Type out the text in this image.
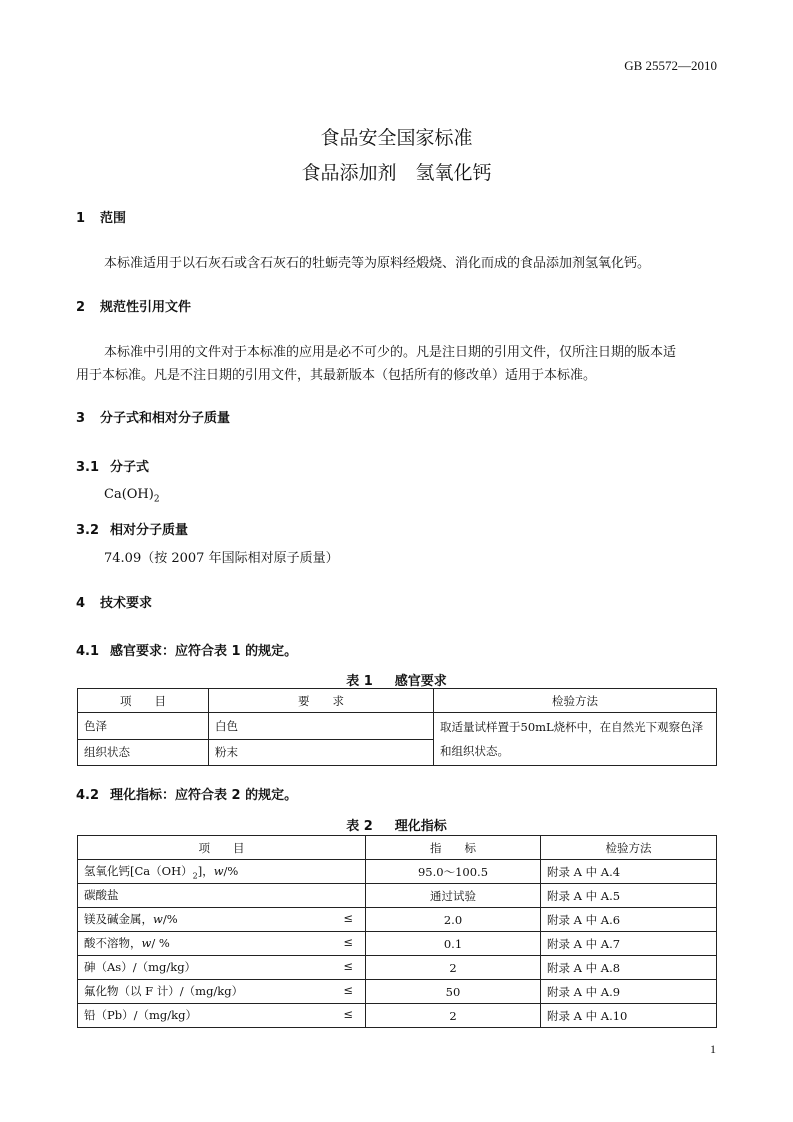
GB 25572—2010
食品安全国家标准
食品添加剂　氢氧化钙
1 范围
本标准适用于以石灰石或含石灰石的牡蛎壳等为原料经煅烧、消化而成的食品添加剂氢氧化钙。
2 规范性引用文件
本标准中引用的文件对于本标准的应用是必不可少的。凡是注日期的引用文件，仅所注日期的版本适
用于本标准。凡是不注日期的引用文件，其最新版本（包括所有的修改单）适用于本标准。
3 分子式和相对分子质量
3.1 分子式
$Ca(OH)_2$
3.2 相对分子质量
74.09（按 2007 年国际相对原子质量）
4 技术要求
4.1 感官要求：应符合表 1 的规定。
表 1 感官要求
项　　目	要　　求	检验方法
色泽	白色	取适量试样置于50mL烧杯中，在自然光下观察色泽
和组织状态。

组织状态	粉末	
4.2 理化指标：应符合表 2 的规定。
表 2 理化指标
项　　目	指　　标	检验方法
氢氧化钙$[Ca(OH)_2]$，w/%	95.0～100.5	附录 A 中 A.4
碳酸盐	通过试验	附录 A 中 A.5
镁及碱金属，w/% ≤	2.0	附录 A 中 A.6
酸不溶物，w/ % ≤	0.1	附录 A 中 A.7
砷（As）/（mg/kg） ≤	2	附录 A 中 A.8
氟化物（以 F 计）/（mg/kg） ≤	50	附录 A 中 A.9
铅（Pb）/（mg/kg） ≤	2	附录 A 中 A.10
1
